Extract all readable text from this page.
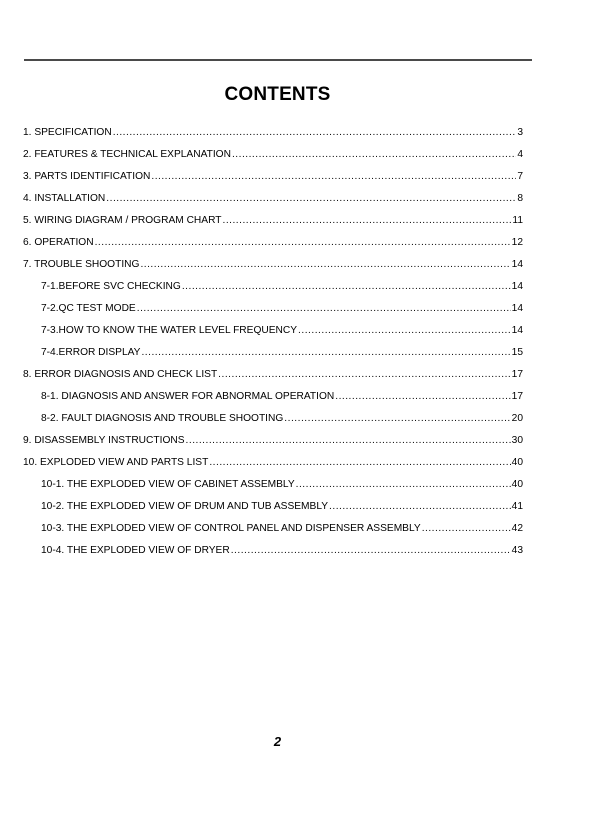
CONTENTS
1. SPECIFICATION .....	3
2. FEATURES & TECHNICAL EXPLANATION .....	4
3. PARTS IDENTIFICATION .....	7
4. INSTALLATION .....	8
5. WIRING DIAGRAM / PROGRAM CHART .....	11
6. OPERATION .....	12
7. TROUBLE SHOOTING .....	14
7-1.BEFORE SVC CHECKING .....	14
7-2.QC TEST MODE .....	14
7-3.HOW TO KNOW THE WATER LEVEL FREQUENCY .....	14
7-4.ERROR DISPLAY .....	15
8. ERROR DIAGNOSIS AND CHECK LIST .....	17
8-1. DIAGNOSIS AND ANSWER FOR ABNORMAL OPERATION .....	17
8-2. FAULT DIAGNOSIS AND TROUBLE SHOOTING .....	20
9. DISASSEMBLY INSTRUCTIONS .....	30
10. EXPLODED VIEW AND PARTS LIST .....	40
10-1. THE EXPLODED VIEW OF CABINET ASSEMBLY .....	40
10-2. THE EXPLODED VIEW OF DRUM AND TUB ASSEMBLY .....	41
10-3. THE EXPLODED VIEW OF CONTROL PANEL AND DISPENSER ASSEMBLY .....	42
10-4. THE EXPLODED VIEW OF DRYER .....	43
2
